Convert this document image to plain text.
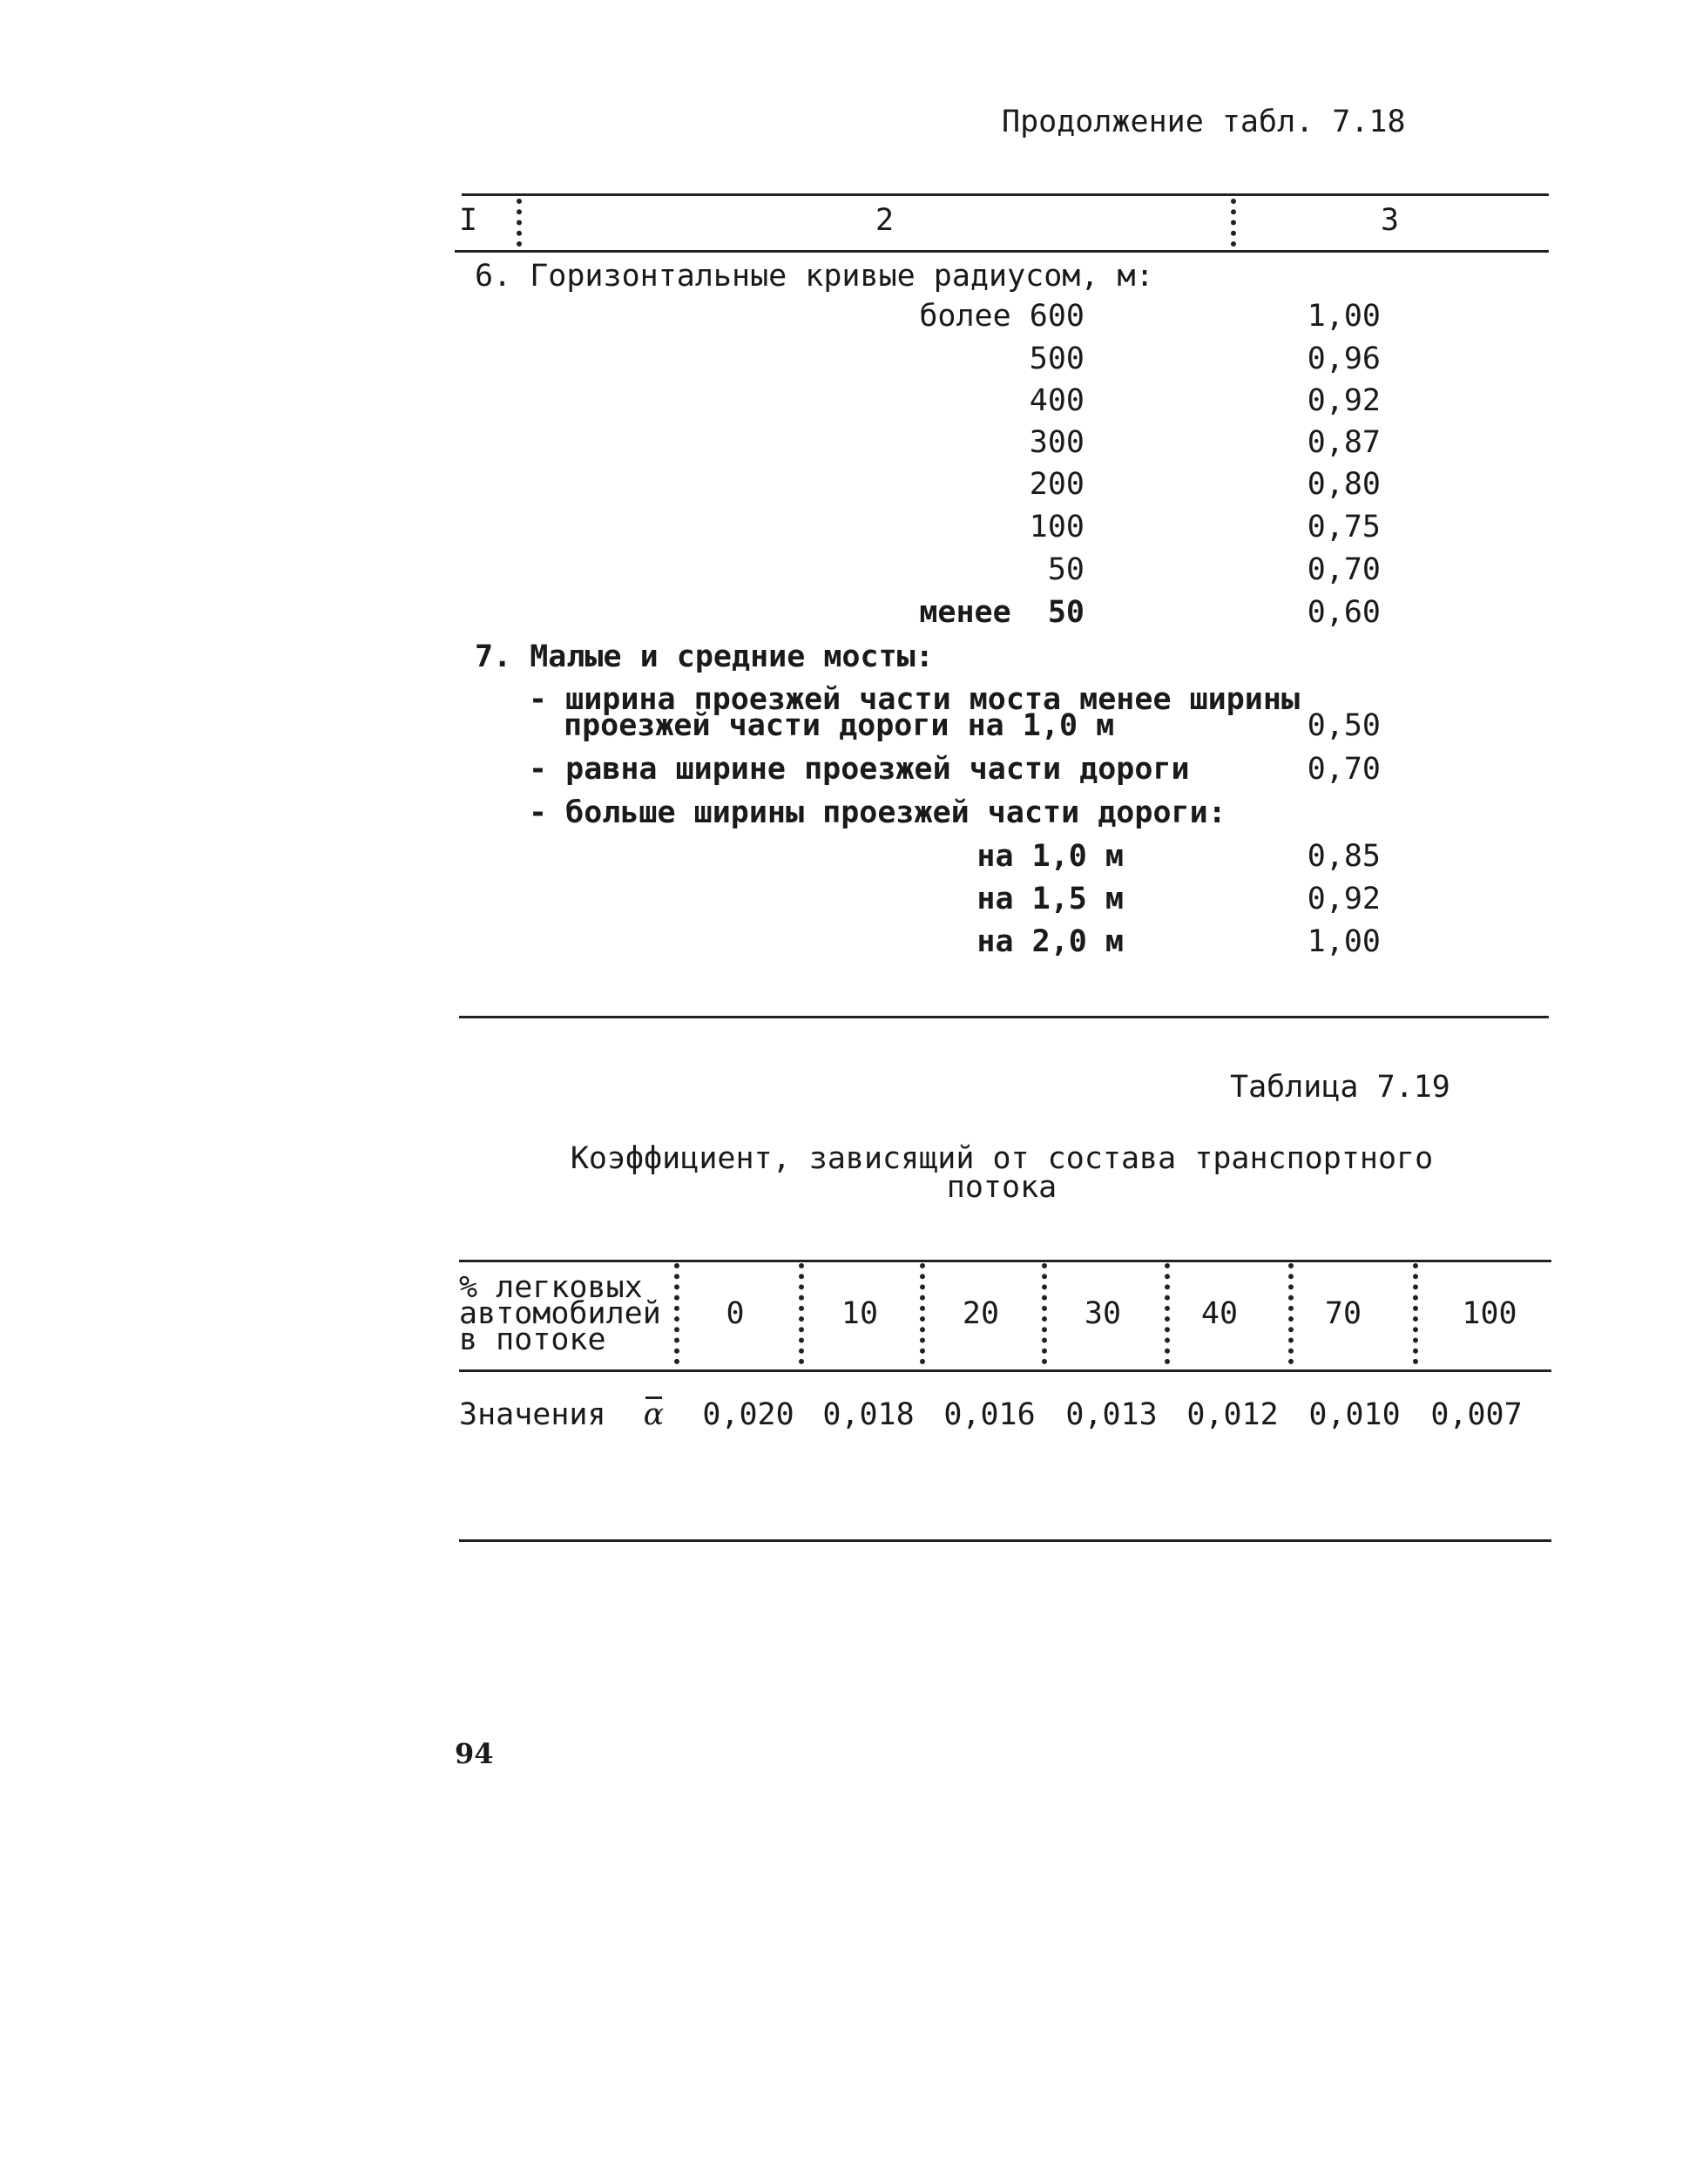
Продолжение табл. 7.18
I	2	3
6. Горизонтальные кривые радиусом, м:
более 600	1,00
500	0,96
400	0,92
300	0,87
200	0,80
100	0,75
50	0,70
менее  50	0,60
7. Малые и средние мосты:
- ширина проезжей части моста менее ширины
проезжей части дороги на 1,0 м	0,50
- равна ширине проезжей части дороги	0,70
- больше ширины проезжей части дороги:
на 1,0 м	0,85
на 1,5 м	0,92
на 2,0 м	1,00
Таблица 7.19
Коэффициент, зависящий от состава транспортного
потока
% легковых
автомобилей
в потоке
0	10	20	30	40	70	100
Значения α	0,020 0,018 0,016 0,013 0,012 0,010 0,007
94
